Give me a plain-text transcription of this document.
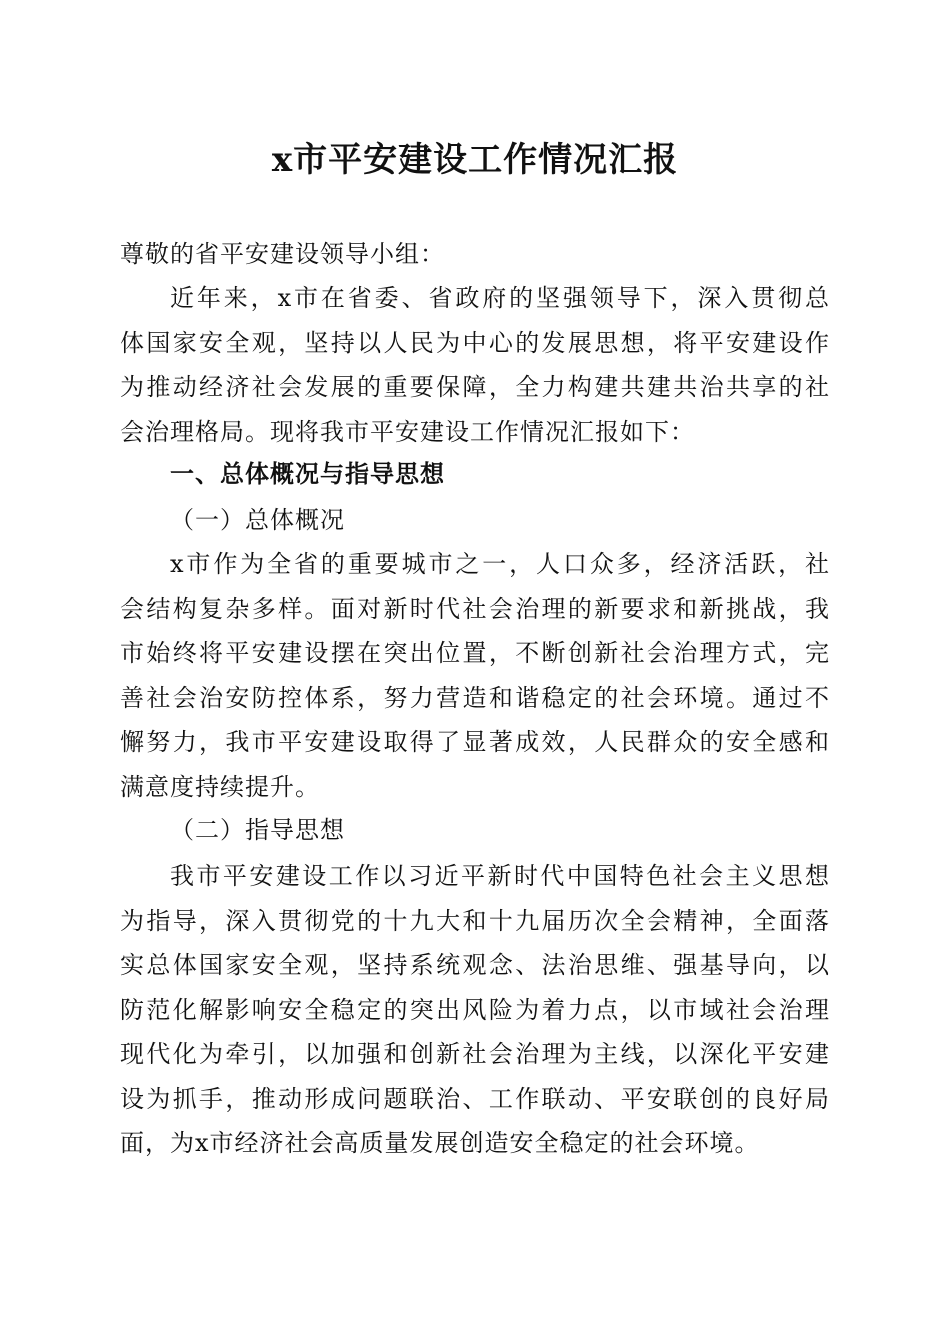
x市平安建设工作情况汇报
尊敬的省平安建设领导小组：
近年来，x市在省委、省政府的坚强领导下，深入贯彻总
体国家安全观，坚持以人民为中心的发展思想，将平安建设作
为推动经济社会发展的重要保障，全力构建共建共治共享的社
会治理格局。现将我市平安建设工作情况汇报如下：
一、总体概况与指导思想
（一）总体概况
x市作为全省的重要城市之一，人口众多，经济活跃，社
会结构复杂多样。面对新时代社会治理的新要求和新挑战，我
市始终将平安建设摆在突出位置，不断创新社会治理方式，完
善社会治安防控体系，努力营造和谐稳定的社会环境。通过不
懈努力，我市平安建设取得了显著成效，人民群众的安全感和
满意度持续提升。
（二）指导思想
我市平安建设工作以习近平新时代中国特色社会主义思想
为指导，深入贯彻党的十九大和十九届历次全会精神，全面落
实总体国家安全观，坚持系统观念、法治思维、强基导向，以
防范化解影响安全稳定的突出风险为着力点，以市域社会治理
现代化为牵引，以加强和创新社会治理为主线，以深化平安建
设为抓手，推动形成问题联治、工作联动、平安联创的良好局
面，为x市经济社会高质量发展创造安全稳定的社会环境。
